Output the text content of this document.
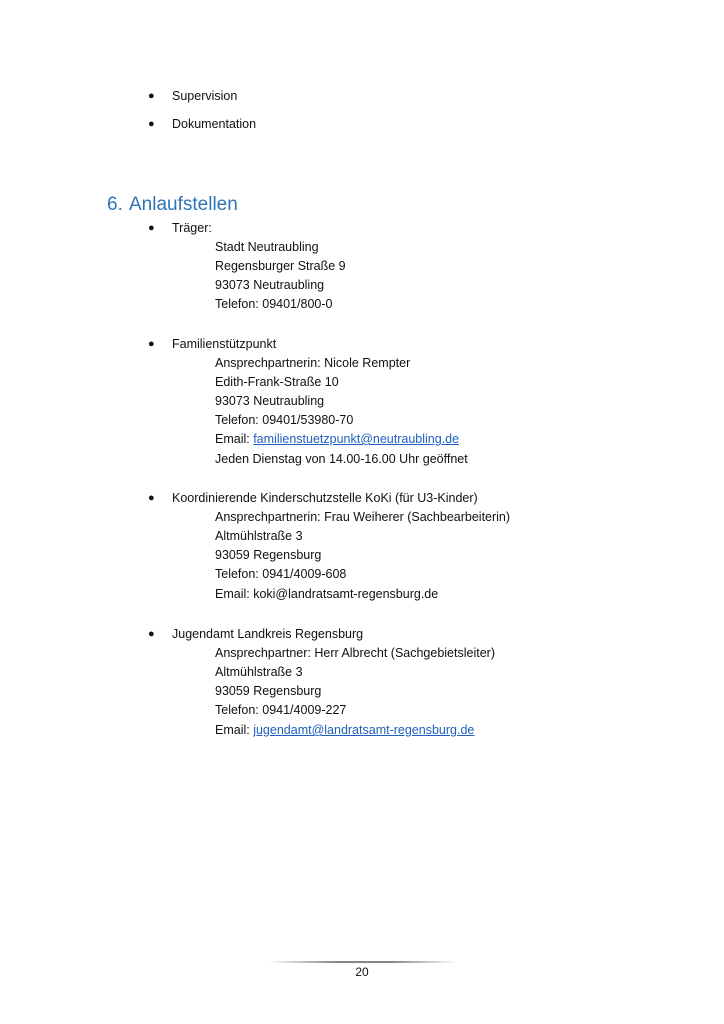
● Supervision
● Dokumentation
6. Anlaufstellen
● Träger:
Stadt Neutraubling
Regensburger Straße 9
93073 Neutraubling
Telefon: 09401/800-0
● Familienstützpunkt
Ansprechpartnerin: Nicole Rempter
Edith-Frank-Straße 10
93073 Neutraubling
Telefon: 09401/53980-70
Email: familienstuetzpunkt@neutraubling.de
Jeden Dienstag von 14.00-16.00 Uhr geöffnet
● Koordinierende Kinderschutzstelle KoKi (für U3-Kinder)
Ansprechpartnerin: Frau Weiherer (Sachbearbeiterin)
Altmühlstraße 3
93059 Regensburg
Telefon: 0941/4009-608
Email: koki@landratsamt-regensburg.de
● Jugendamt Landkreis Regensburg
Ansprechpartner: Herr Albrecht (Sachgebietsleiter)
Altmühlstraße 3
93059 Regensburg
Telefon: 0941/4009-227
Email: jugendamt@landratsamt-regensburg.de
20
